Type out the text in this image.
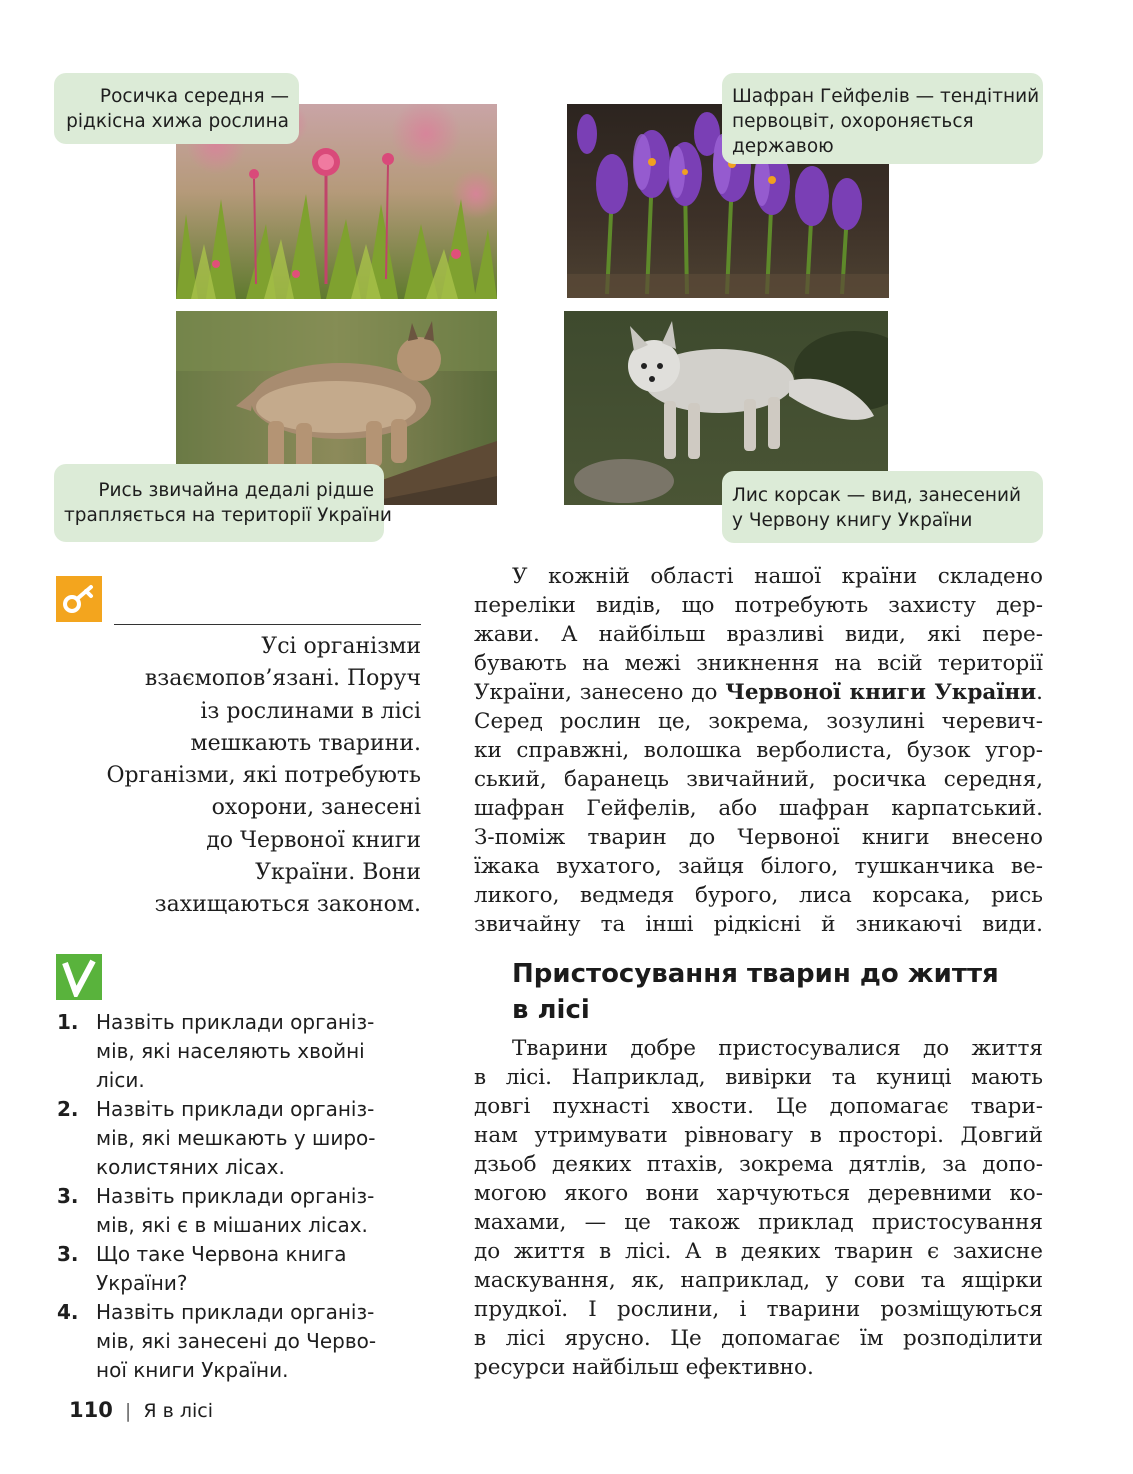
Росичка середня —
рідкісна хижа рослина
Шафран Гейфелів — тендітний
первоцвіт, охороняється
державою
Рись звичайна дедалі рідше
трапляється на території України
Лис корсак — вид, занесений
у Червону книгу України
Усі організми
взаємопов’язані. Поруч
із рослинами в лісі
мешкають тварини.
Організми, які потребують
охорони, занесені
до Червоної книги
України. Вони
захищаються законом.
У кожній області нашої країни складено
переліки видів, що потребують захисту дер-
жави. А найбільш вразливі види, які пере-
бувають на межі зникнення на всій території
України, занесено до Червоної книги України.
Серед рослин це, зокрема, зозулині черевич-
ки справжні, волошка верболиста, бузок угор-
ський, баранець звичайний, росичка середня,
шафран Гейфелів, або шафран карпатський.
З-поміж тварин до Червоної книги внесено
їжака вухатого, зайця білого, тушканчика ве-
ликого, ведмедя бурого, лиса корсака, рись
звичайну та інші рідкісні й зникаючі види.
Пристосування тварин до життя
в лісі
Тварини добре пристосувалися до життя
в лісі. Наприклад, вивірки та куниці мають
довгі пухнасті хвости. Це допомагає твари-
нам утримувати рівновагу в просторі. Довгий
дзьоб деяких птахів, зокрема дятлів, за допо-
могою якого вони харчуються деревними ко-
махами, — це також приклад пристосування
до життя в лісі. А в деяких тварин є захисне
маскування, як, наприклад, у сови та ящірки
прудкої. І рослини, і тварини розміщуються
в лісі ярусно. Це допомагає їм розподілити
ресурси найбільш ефективно.
1. Назвіть приклади організ-
мів, які населяють хвойні
ліси.
2. Назвіть приклади організ-
мів, які мешкають у широ-
колистяних лісах.
3. Назвіть приклади організ-
мів, які є в мішаних лісах.
3. Що таке Червона книга
України?
4. Назвіть приклади організ-
мів, які занесені до Черво-
ної книги України.
110 | Я в лісі
